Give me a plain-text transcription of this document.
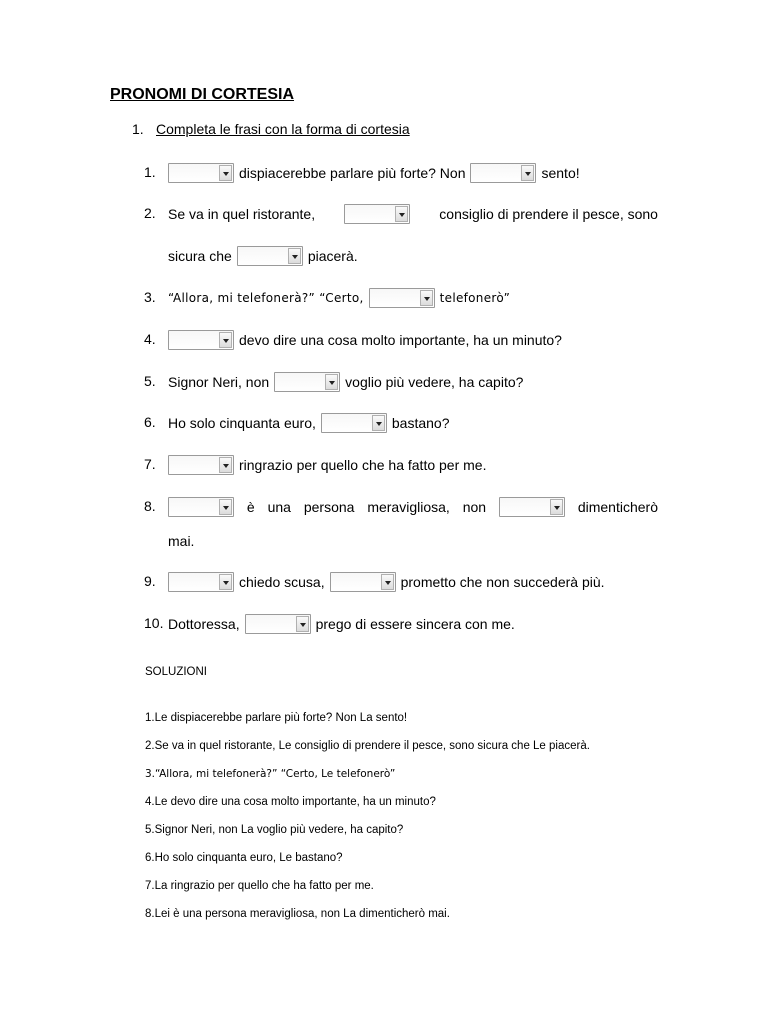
PRONOMI DI CORTESIA
1. Completa le frasi con la forma di cortesia
1.	dispiacerebbe parlare più forte? Non	sento!
2. Se va in quel ristorante,	consiglio di prendere il pesce, sono
sicura che	piacerà.
3. “Allora, mi telefonerà?” “Certo,	telefonerò”
4.	devo dire una cosa molto importante, ha un minuto?
5. Signor Neri, non	voglio più vedere, ha capito?
6. Ho solo cinquanta euro,	bastano?
7.	ringrazio per quello che ha fatto per me.
8.	è una persona meravigliosa, non	dimenticherò
mai.
9.	chiedo scusa,	prometto che non succederà più.
10. Dottoressa,	prego di essere sincera con me.
SOLUZIONI
1.Le dispiacerebbe parlare più forte? Non La sento!
2.Se va in quel ristorante, Le consiglio di prendere il pesce, sono sicura che Le piacerà.
3.“Allora, mi telefonerà?” “Certo, Le telefonerò”
4.Le devo dire una cosa molto importante, ha un minuto?
5.Signor Neri, non La voglio più vedere, ha capito?
6.Ho solo cinquanta euro, Le bastano?
7.La ringrazio per quello che ha fatto per me.
8.Lei è una persona meravigliosa, non La dimenticherò mai.
